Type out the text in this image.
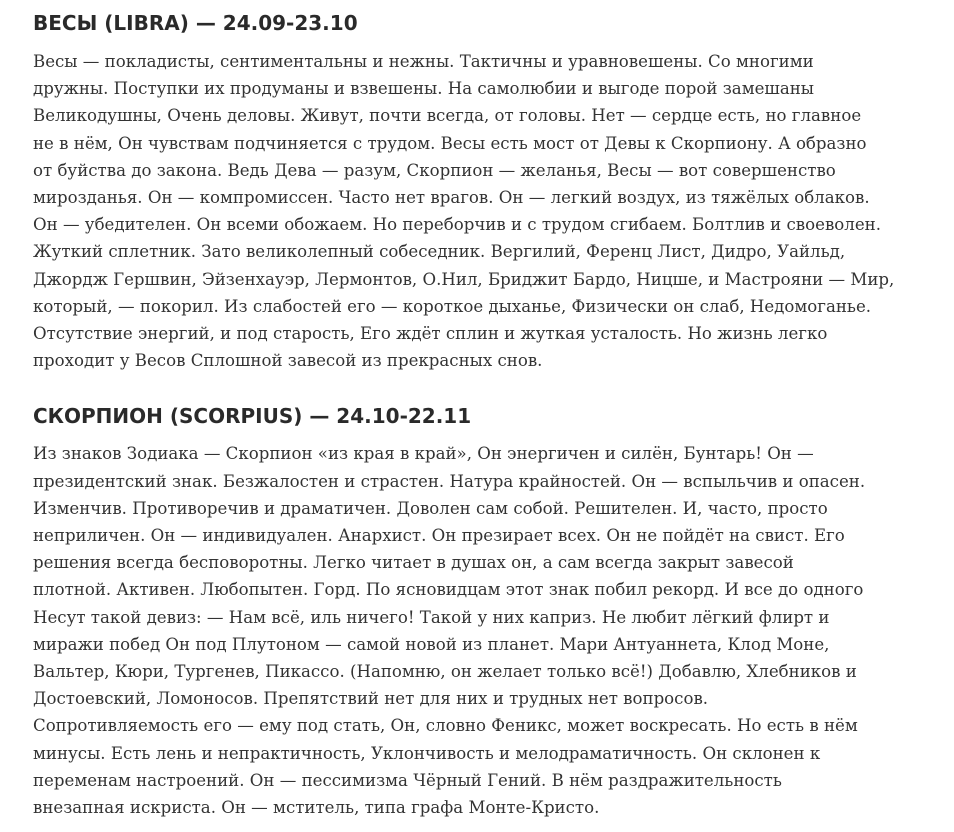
ВЕСЫ (LIBRA) — 24.09-23.10
Весы — покладисты, сентиментальны и нежны. Тактичны и уравновешены. Со многими
дружны. Поступки их продуманы и взвешены. На самолюбии и выгоде порой замешаны
Великодушны, Очень деловы. Живут, почти всегда, от головы. Нет — сердце есть, но главное
не в нём, Он чувствам подчиняется с трудом. Весы есть мост от Девы к Скорпиону. А образно
от буйства до закона. Ведь Дева — разум, Скорпион — желанья, Весы — вот совершенство
мирозданья. Он — компромиссен. Часто нет врагов. Он — легкий воздух, из тяжёлых облаков.
Он — убедителен. Он всеми обожаем. Но переборчив и с трудом сгибаем. Болтлив и своеволен.
Жуткий сплетник. Зато великолепный собеседник. Вергилий, Ференц Лист, Дидро, Уайльд,
Джордж Гершвин, Эйзенхауэр, Лермонтов, О.Нил, Бриджит Бардо, Ницше, и Мастрояни — Мир,
который, — покорил. Из слабостей его — короткое дыханье, Физически он слаб, Недомоганье.
Отсутствие энергий, и под старость, Его ждёт сплин и жуткая усталость. Но жизнь легко
проходит у Весов Сплошной завесой из прекрасных снов.
СКОРПИОН (SCORPIUS) — 24.10-22.11
Из знаков Зодиака — Скорпион «из края в край», Он энергичен и силён, Бунтарь! Он —
президентский знак. Безжалостен и страстен. Натура крайностей. Он — вспыльчив и опасен.
Изменчив. Противоречив и драматичен. Доволен сам собой. Решителен. И, часто, просто
неприличен. Он — индивидуален. Анархист. Он презирает всех. Он не пойдёт на свист. Его
решения всегда бесповоротны. Легко читает в душах он, а сам всегда закрыт завесой
плотной. Активен. Любопытен. Горд. По ясновидцам этот знак побил рекорд. И все до одного
Несут такой девиз: — Нам всё, иль ничего! Такой у них каприз. Не любит лёгкий флирт и
миражи побед Он под Плутоном — самой новой из планет. Мари Антуаннета, Клод Моне,
Вальтер, Кюри, Тургенев, Пикассо. (Напомню, он желает только всё!) Добавлю, Хлебников и
Достоевский, Ломоносов. Препятствий нет для них и трудных нет вопросов.
Сопротивляемость его — ему под стать, Он, словно Феникс, может воскресать. Но есть в нём
минусы. Есть лень и непрактичность, Уклончивость и мелодраматичность. Он склонен к
переменам настроений. Он — пессимизма Чёрный Гений. В нём раздражительность
внезапная искриста. Он — мститель, типа графа Монте-Кристо.
